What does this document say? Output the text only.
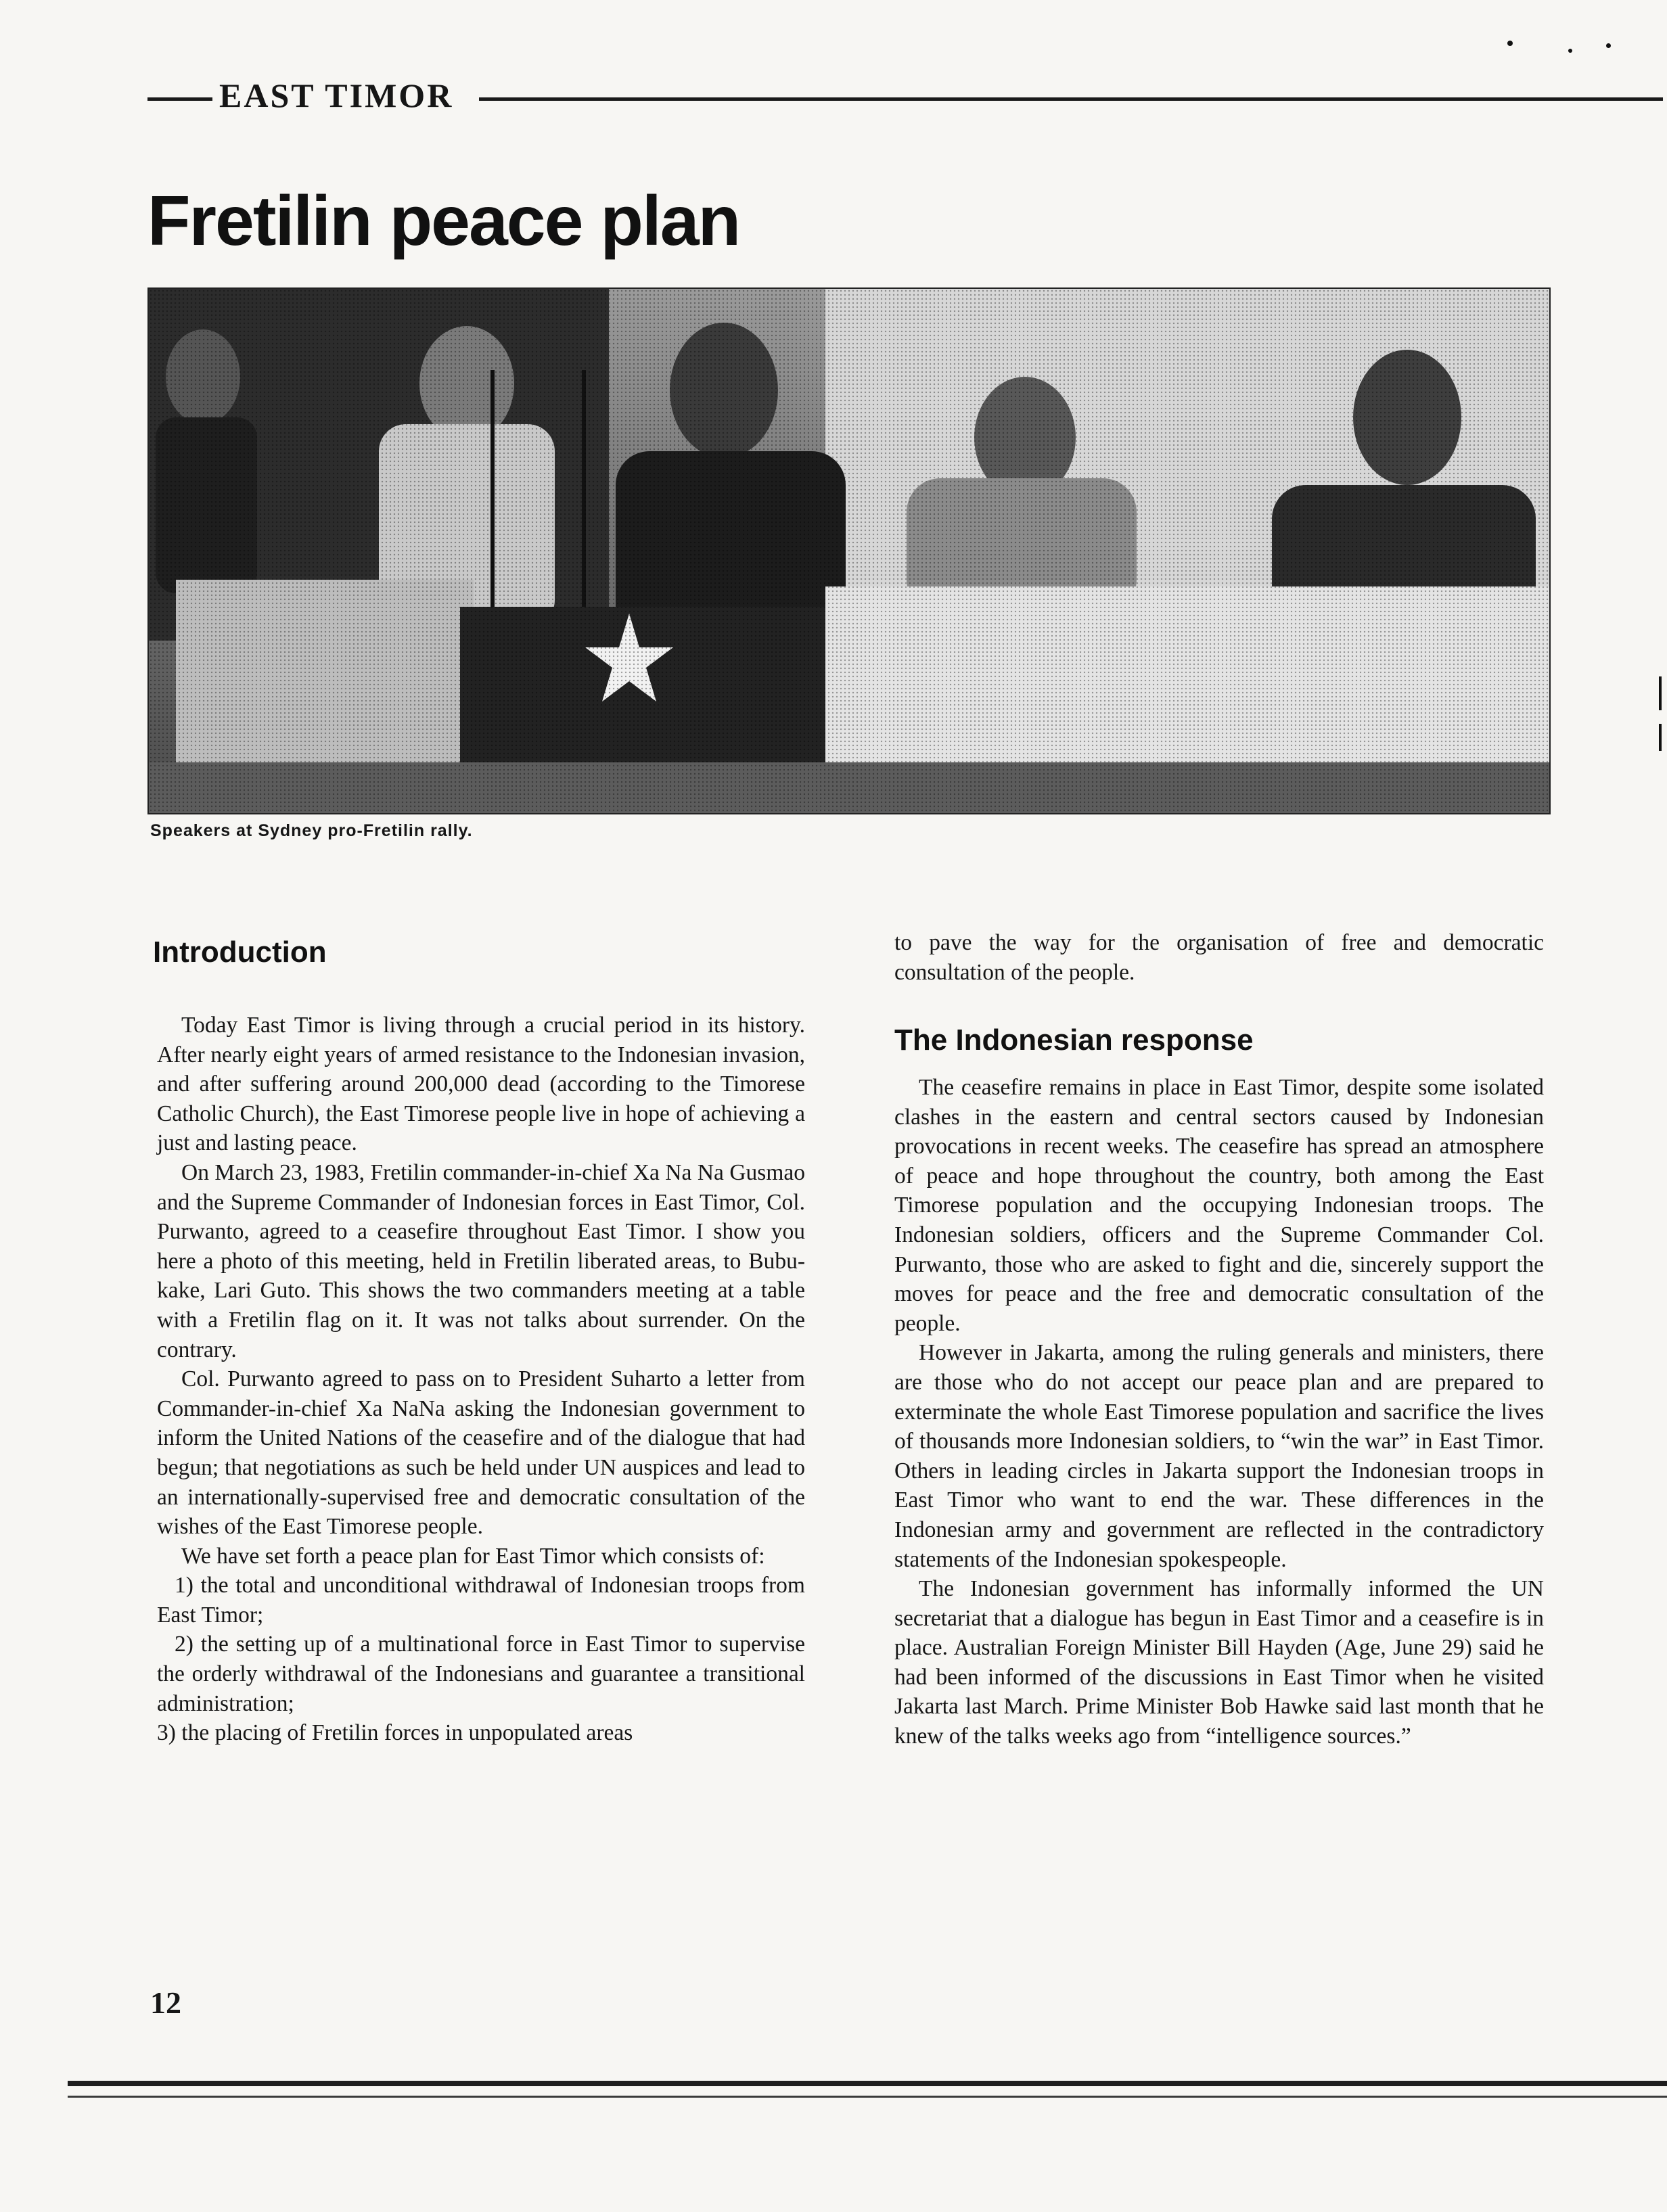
EAST TIMOR
Fretilin peace plan
Speakers at Sydney pro-Fretilin rally.
Introduction

Today East Timor is living through a crucial period in its history. After nearly eight years of armed resistance to the Indonesian invasion, and after suffering around 200,000 dead (according to the Timorese Catholic Church), the East Timorese people live in hope of achieving a just and lasting peace.

On March 23, 1983, Fretilin commander-in-chief Xa Na Na Gusmao and the Supreme Commander of Indonesian forces in East Timor, Col. Purwanto, agreed to a ceasefire throughout East Timor. I show you here a photo of this meeting, held in Fretilin liberated areas, to Bubu-kake, Lari Guto. This shows the two commanders meeting at a table with a Fretilin flag on it. It was not talks about surrender. On the contrary.

Col. Purwanto agreed to pass on to President Suharto a letter from Commander-in-chief Xa NaNa asking the Indonesian government to inform the United Nations of the ceasefire and of the dialogue that had begun; that negotiations as such be held under UN auspices and lead to an internationally-supervised free and democratic consultation of the wishes of the East Timorese people.

We have set forth a peace plan for East Timor which consists of:

1) the total and unconditional withdrawal of Indonesian troops from East Timor;

2) the setting up of a multinational force in East Timor to supervise the orderly withdrawal of the Indonesians and guarantee a transitional administration;

3) the placing of Fretilin forces in unpopulated areas

to pave the way for the organisation of free and democratic consultation of the people.

The Indonesian response

The ceasefire remains in place in East Timor, despite some isolated clashes in the eastern and central sectors caused by Indonesian provocations in recent weeks. The ceasefire has spread an atmosphere of peace and hope throughout the country, both among the East Timorese population and the occupying Indonesian troops. The Indonesian soldiers, officers and the Supreme Commander Col. Purwanto, those who are asked to fight and die, sincerely support the moves for peace and the free and democratic consultation of the people.

However in Jakarta, among the ruling generals and ministers, there are those who do not accept our peace plan and are prepared to exterminate the whole East Timorese population and sacrifice the lives of thousands more Indonesian soldiers, to “win the war” in East Timor. Others in leading circles in Jakarta support the Indonesian troops in East Timor who want to end the war. These differences in the Indonesian army and government are reflected in the contradictory statements of the Indonesian spokespeople.

The Indonesian government has informally informed the UN secretariat that a dialogue has begun in East Timor and a ceasefire is in place. Australian Foreign Minister Bill Hayden (Age, June 29) said he had been informed of the discussions in East Timor when he visited Jakarta last March. Prime Minister Bob Hawke said last month that he knew of the talks weeks ago from “intelligence sources.”

12
